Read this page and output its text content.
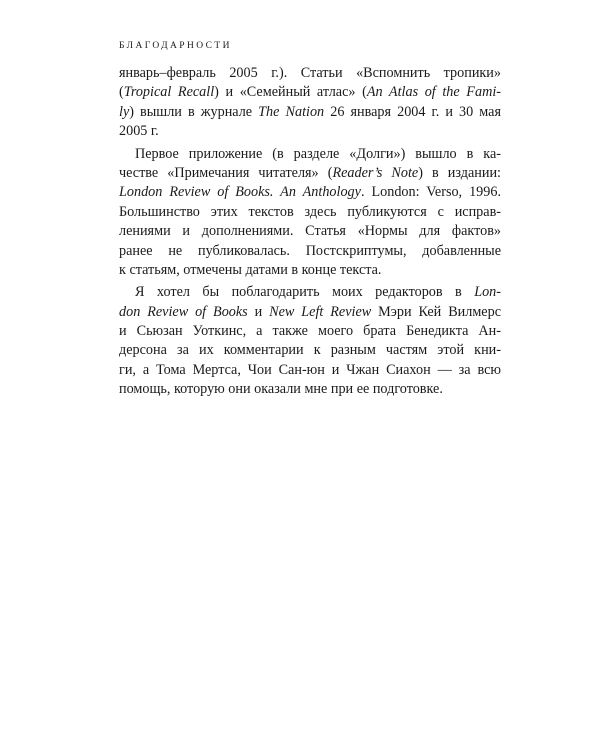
БЛАГОДАРНОСТИ
январь–февраль 2005 г.). Статьи «Вспомнить тропики»
(Tropical Recall) и «Семейный атлас» (An Atlas of the Fami-
ly) вышли в журнале The Nation 26 января 2004 г. и 30 мая
2005 г.
Первое приложение (в разделе «Долги») вышло в ка-
честве «Примечания читателя» (Reader’s Note) в издании:
London Review of Books. An Anthology. London: Verso, 1996.
Большинство этих текстов здесь публикуются с исправ-
лениями и дополнениями. Статья «Нормы для фактов»
ранее не публиковалась. Постскриптумы, добавленные
к статьям, отмечены датами в конце текста.
Я хотел бы поблагодарить моих редакторов в Lon-
don Review of Books и New Left Review Мэри Кей Вилмерс
и Сьюзан Уоткинс, а также моего брата Бенедикта Ан-
дерсона за их комментарии к разным частям этой кни-
ги, а Тома Мертса, Чои Сан-юн и Чжан Сиахон — за всю
помощь, которую они оказали мне при ее подготовке.
